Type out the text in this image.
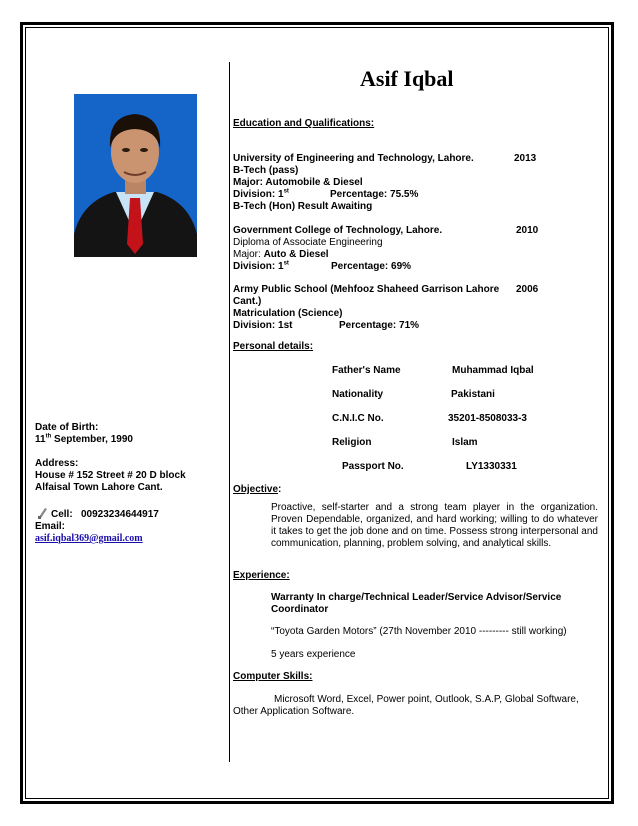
Asif Iqbal
Date of Birth:
11th September, 1990
Address:
House # 152 Street # 20 D block
Alfaisal Town Lahore Cant.
Cell: 00923234644917
Email:
asif.iqbal369@gmail.com
Education and Qualifications:
University of Engineering and Technology, Lahore.	2013
B-Tech (pass)
Major: Automobile & Diesel
Division: 1st	Percentage: 75.5%
B-Tech (Hon) Result Awaiting
Government College of Technology, Lahore.	2010
Diploma of Associate Engineering
Major: Auto & Diesel
Division: 1st	Percentage: 69%
Army Public School (Mehfooz Shaheed Garrison Lahore 2006
Cant.)
Matriculation (Science)
Division: 1st	Percentage: 71%
Personal details:
Father's Name	Muhammad Iqbal
Nationality	Pakistani
C.N.I.C No.	35201-8508033-3
Religion	Islam
Passport No.	LY1330331
Objective:
Proactive, self-starter and a strong team player in the organization. Proven Dependable, organized, and hard working; willing to do whatever it takes to get the job done and on time. Possess strong interpersonal and communication, planning, problem solving, and analytical skills.
Experience:
Warranty In charge/Technical Leader/Service Advisor/Service Coordinator
“Toyota Garden Motors” (27th November 2010 --------- still working)
5 years experience
Computer Skills:
Microsoft Word, Excel, Power point, Outlook, S.A.P, Global Software, Other Application Software.
